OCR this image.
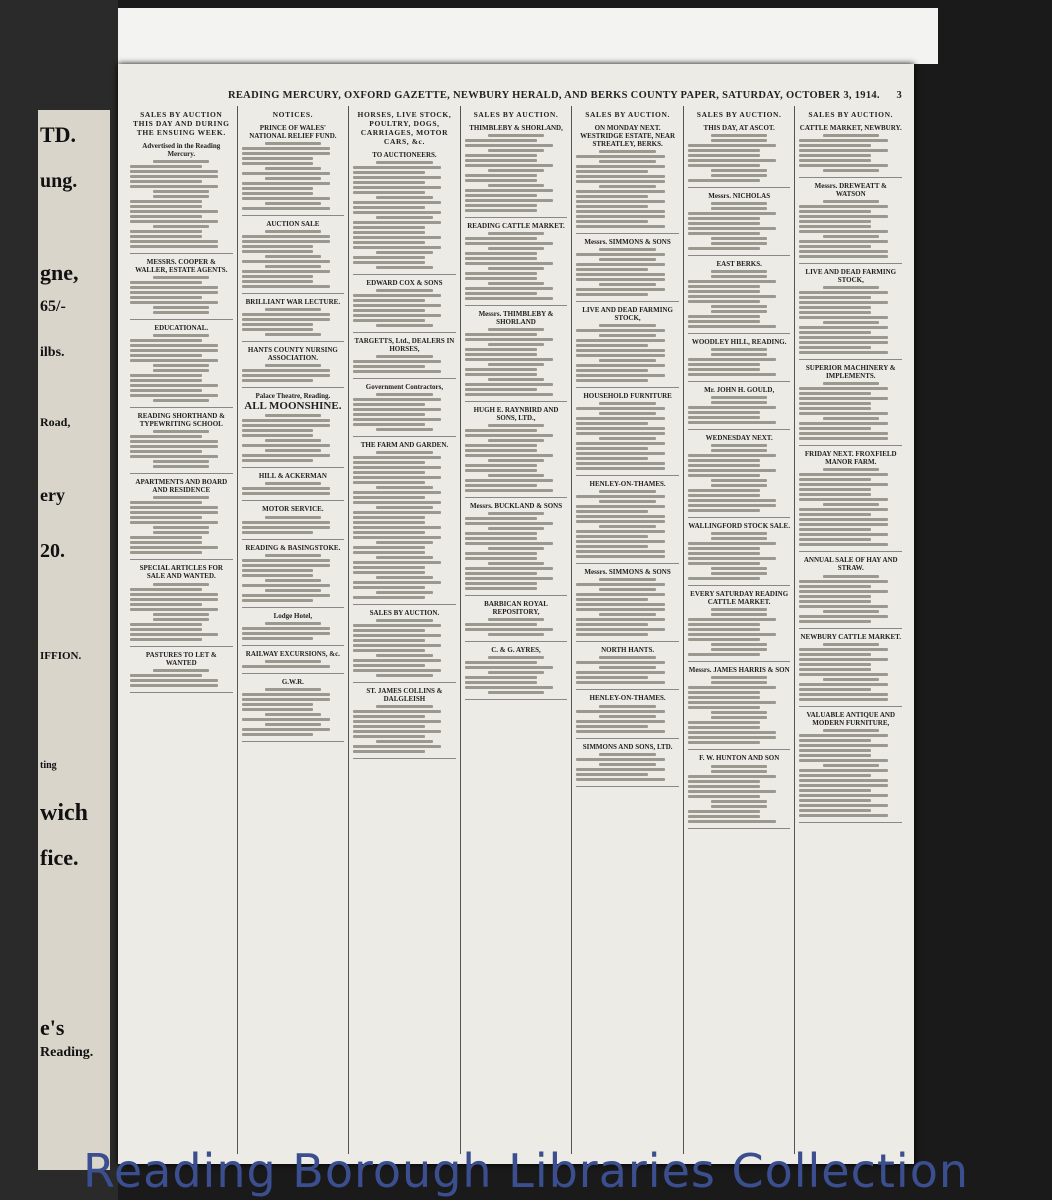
TD.
ung.
gne,
65/-
ilbs.
Road,
ery
20.
IFFION.
ting
wich
fice.
e's
Reading.
READING MERCURY, OXFORD GAZETTE, NEWBURY HERALD, AND BERKS COUNTY PAPER, SATURDAY, OCTOBER 3, 1914. 3
SALES BY AUCTION THIS DAY AND DURING THE ENSUING WEEK.
Advertised in the Reading Mercury.
MESSRS. COOPER & WALLER, ESTATE AGENTS.
EDUCATIONAL.
READING SHORTHAND & TYPEWRITING SCHOOL
APARTMENTS AND BOARD AND RESIDENCE
SPECIAL ARTICLES FOR SALE AND WANTED.
PASTURES TO LET & WANTED
NOTICES.
PRINCE OF WALES' NATIONAL RELIEF FUND.
AUCTION SALE
BRILLIANT WAR LECTURE.
HANTS COUNTY NURSING ASSOCIATION.
Palace Theatre, Reading.
ALL MOONSHINE.
HILL & ACKERMAN
MOTOR SERVICE.
READING & BASINGSTOKE.
Lodge Hotel,
RAILWAY EXCURSIONS, &c.
G.W.R.
HORSES, LIVE STOCK, POULTRY, DOGS, CARRIAGES, MOTOR CARS, &c.
TO AUCTIONEERS.
EDWARD COX & SONS
TARGETTS, Ltd., DEALERS IN HORSES,
Government Contractors,
THE FARM AND GARDEN.
SALES BY AUCTION.
ST. JAMES COLLINS & DALGLEISH
SALES BY AUCTION.
THIMBLEBY & SHORLAND,
READING CATTLE MARKET.
Messrs. THIMBLEBY & SHORLAND
HUGH E. RAYNBIRD AND SONS, LTD.,
Messrs. BUCKLAND & SONS
BARBICAN ROYAL REPOSITORY,
C. & G. AYRES,
SALES BY AUCTION.
ON MONDAY NEXT. WESTRIDGE ESTATE, NEAR STREATLEY, BERKS.
Messrs. SIMMONS & SONS
LIVE AND DEAD FARMING STOCK,
HOUSEHOLD FURNITURE
HENLEY-ON-THAMES.
Messrs. SIMMONS & SONS
NORTH HANTS.
HENLEY-ON-THAMES.
SIMMONS AND SONS, LTD.
SALES BY AUCTION.
THIS DAY, AT ASCOT.
Messrs. NICHOLAS
EAST BERKS.
WOODLEY HILL, READING.
Mr. JOHN H. GOULD,
WEDNESDAY NEXT.
WALLINGFORD STOCK SALE.
EVERY SATURDAY READING CATTLE MARKET.
Messrs. JAMES HARRIS & SON
F. W. HUNTON AND SON
SALES BY AUCTION.
CATTLE MARKET, NEWBURY.
Messrs. DREWEATT & WATSON
LIVE AND DEAD FARMING STOCK,
SUPERIOR MACHINERY & IMPLEMENTS.
FRIDAY NEXT. FROXFIELD MANOR FARM.
ANNUAL SALE OF HAY AND STRAW.
NEWBURY CATTLE MARKET.
VALUABLE ANTIQUE AND MODERN FURNITURE,
Reading Borough Libraries Collection
